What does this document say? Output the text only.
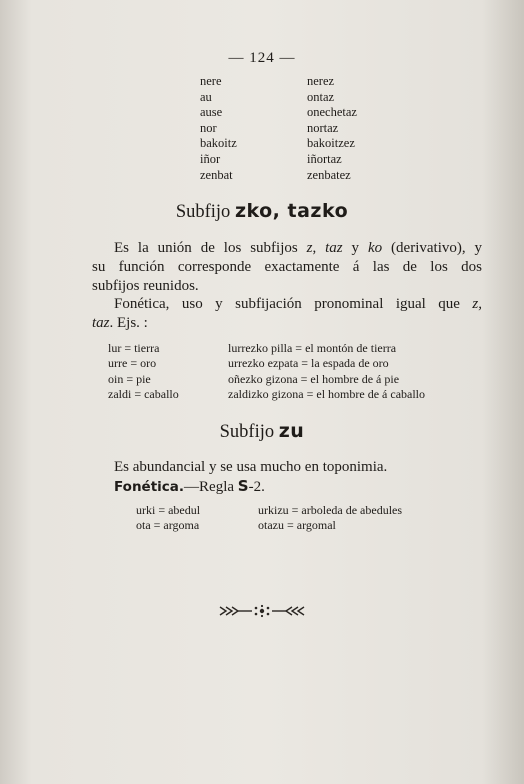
— 124 —
nere
au
ause
nor
bakoitz
iñor
zenbat
nerez
ontaz
onechetaz
nortaz
bakoitzez
iñortaz
zenbatez
Subfijo zko, tazko
Es la unión de los subfijos z, taz y ko (derivativo), y
su función corresponde exactamente á las de los dos
subfijos reunidos.
Fonética, uso y subfijación pronominal igual que z,
taz. Ejs. :
lur = tierra
urre = oro
oin = pie
zaldi = caballo
lurrezko pilla = el montón de tierra
urrezko ezpata = la espada de oro
oñezko gizona = el hombre de á pie
zaldizko gizona = el hombre de á caballo
Subfijo zu
Es abundancial y se usa mucho en toponimia.
Fonética.—Regla S-2.
urki = abedul
ota = argoma
urkizu = arboleda de abedules
otazu = argomal
